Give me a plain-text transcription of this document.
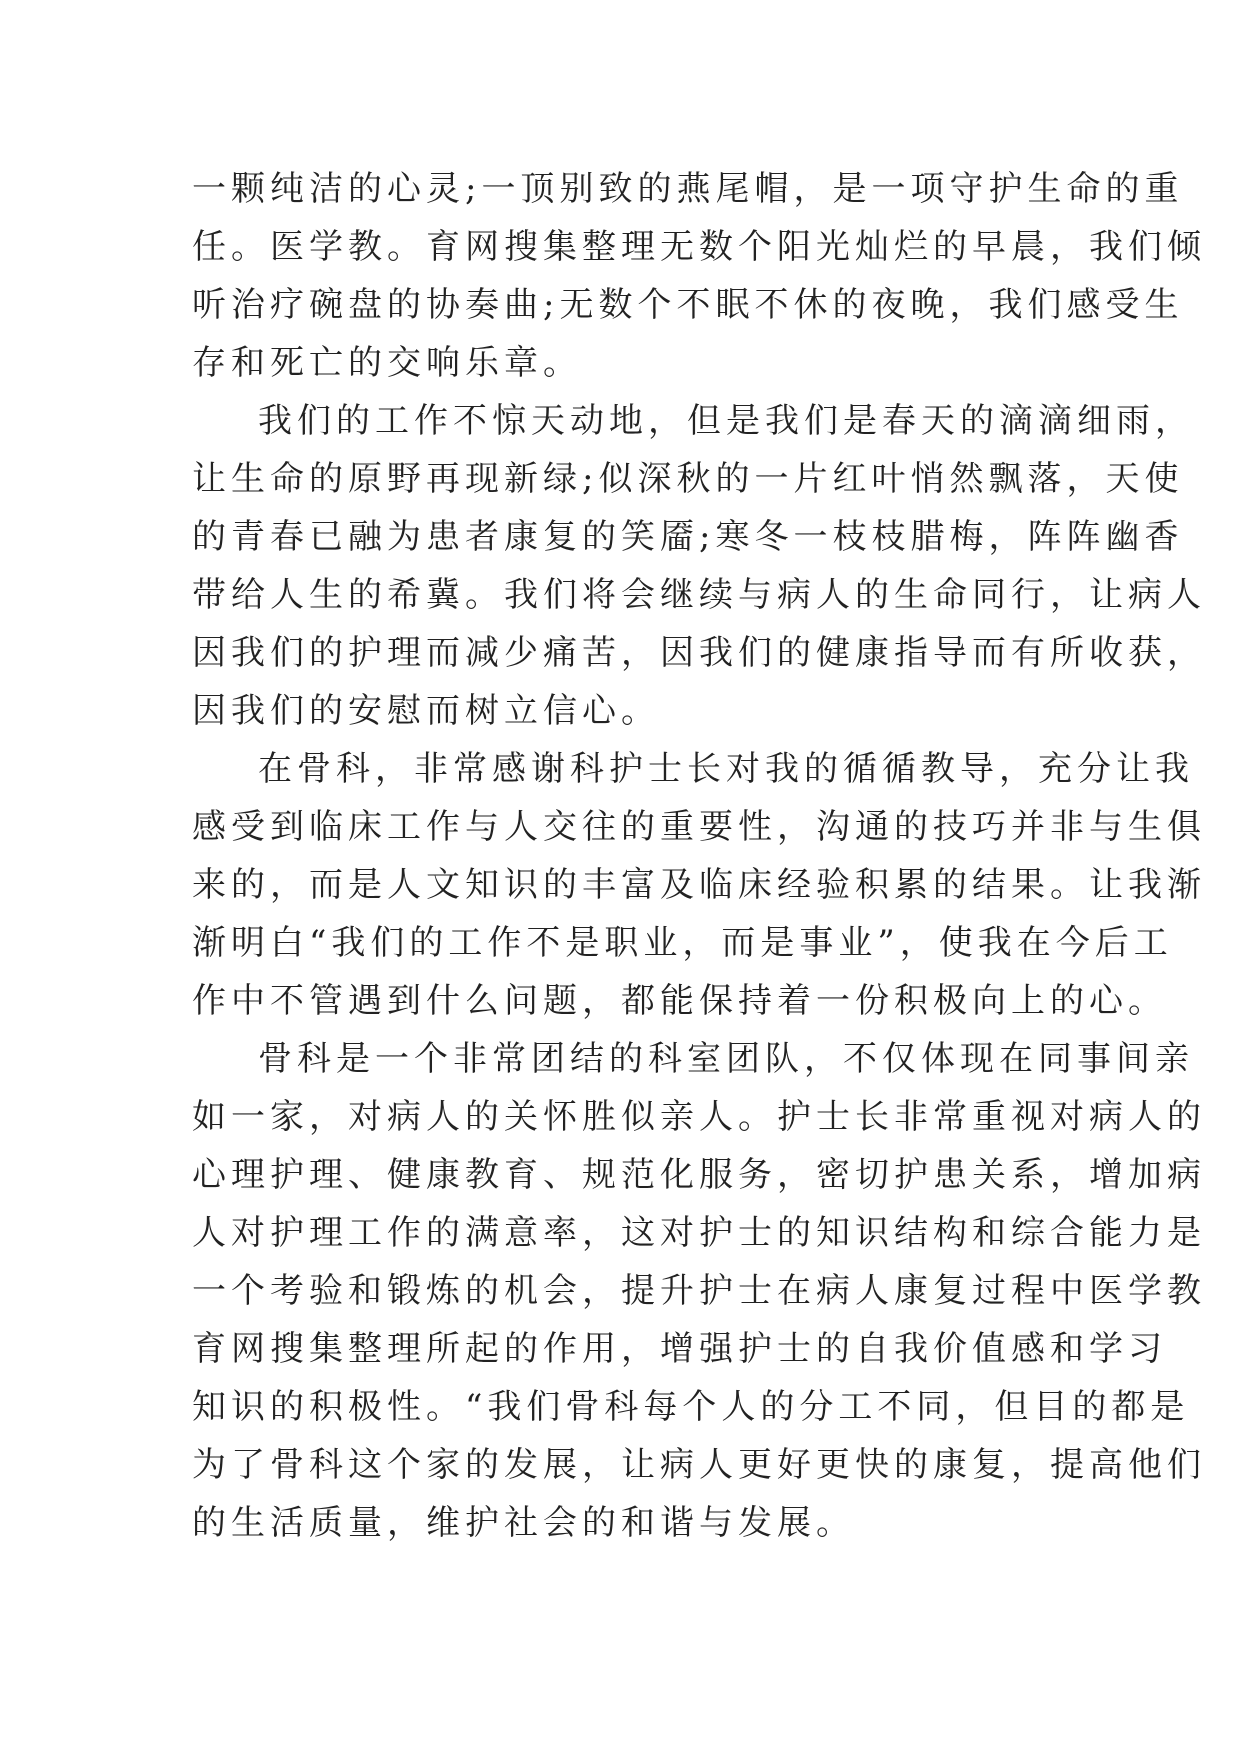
一颗纯洁的心灵;一顶别致的燕尾帽，是一项守护生命的重
任。医学教。育网搜集整理无数个阳光灿烂的早晨，我们倾
听治疗碗盘的协奏曲;无数个不眠不休的夜晚，我们感受生
存和死亡的交响乐章。
我们的工作不惊天动地，但是我们是春天的滴滴细雨，
让生命的原野再现新绿;似深秋的一片红叶悄然飘落，天使
的青春已融为患者康复的笑靥;寒冬一枝枝腊梅，阵阵幽香
带给人生的希冀。我们将会继续与病人的生命同行，让病人
因我们的护理而减少痛苦，因我们的健康指导而有所收获，
因我们的安慰而树立信心。
在骨科，非常感谢科护士长对我的循循教导，充分让我
感受到临床工作与人交往的重要性，沟通的技巧并非与生俱
来的，而是人文知识的丰富及临床经验积累的结果。让我渐
渐明白“我们的工作不是职业，而是事业”，使我在今后工
作中不管遇到什么问题，都能保持着一份积极向上的心。
骨科是一个非常团结的科室团队，不仅体现在同事间亲
如一家，对病人的关怀胜似亲人。护士长非常重视对病人的
心理护理、健康教育、规范化服务，密切护患关系，增加病
人对护理工作的满意率，这对护士的知识结构和综合能力是
一个考验和锻炼的机会，提升护士在病人康复过程中医学教
育网搜集整理所起的作用，增强护士的自我价值感和学习
知识的积极性。“我们骨科每个人的分工不同，但目的都是
为了骨科这个家的发展，让病人更好更快的康复，提高他们
的生活质量，维护社会的和谐与发展。
